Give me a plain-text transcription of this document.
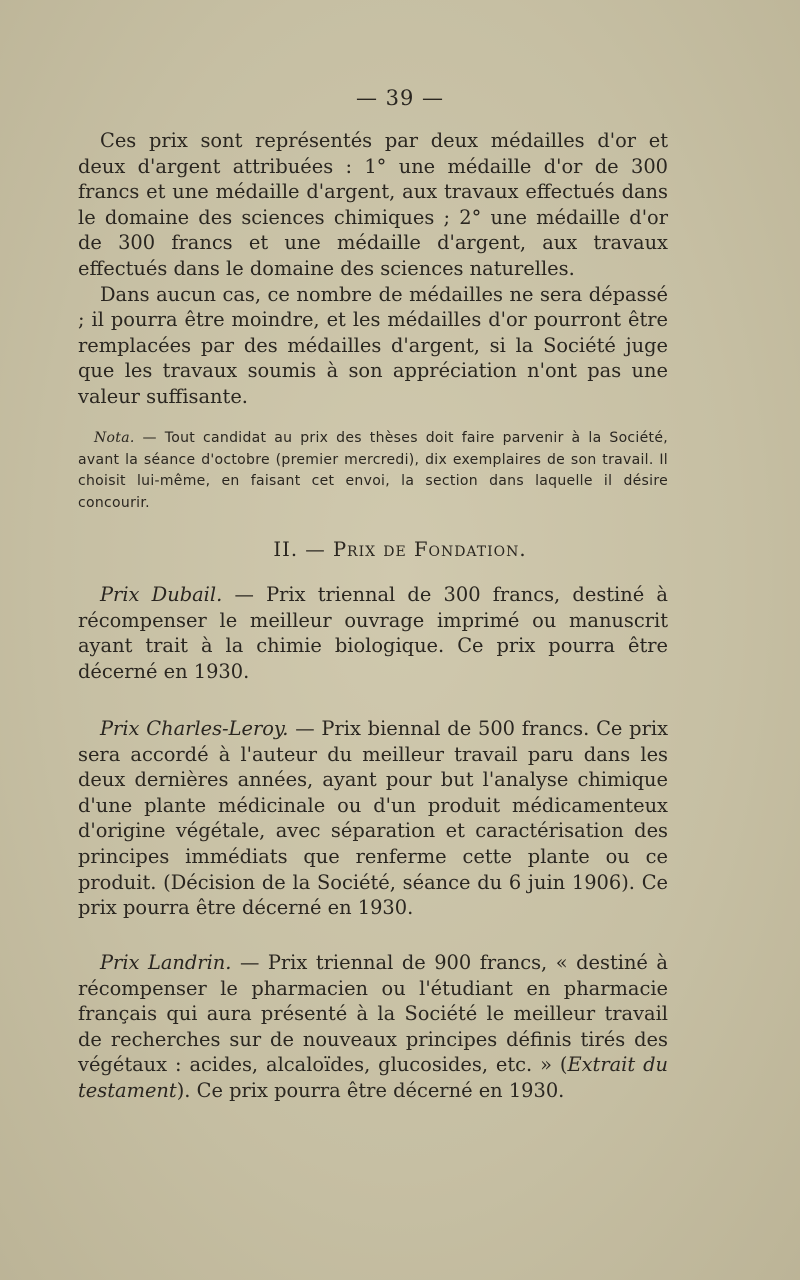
— 39 —

Ces prix sont représentés par deux médailles d'or et deux d'argent attribuées : 1° une médaille d'or de 300 francs et une médaille d'argent, aux travaux effectués dans le domaine des sciences chimiques ; 2° une médaille d'or de 300 francs et une médaille d'argent, aux travaux effectués dans le domaine des sciences naturelles.

Dans aucun cas, ce nombre de médailles ne sera dépassé ; il pourra être moindre, et les médailles d'or pourront être remplacées par des médailles d'argent, si la Société juge que les travaux soumis à son appréciation n'ont pas une valeur suffisante.

Nota. — Tout candidat au prix des thèses doit faire parvenir à la Société, avant la séance d'octobre (premier mercredi), dix exemplaires de son travail. Il choisit lui-même, en faisant cet envoi, la section dans laquelle il désire concourir.

II. — Prix de Fondation.

Prix Dubail. — Prix triennal de 300 francs, destiné à récompenser le meilleur ouvrage imprimé ou manuscrit ayant trait à la chimie biologique. Ce prix pourra être décerné en 1930.

Prix Charles-Leroy. — Prix biennal de 500 francs. Ce prix sera accordé à l'auteur du meilleur travail paru dans les deux dernières années, ayant pour but l'analyse chimique d'une plante médicinale ou d'un produit médicamenteux d'origine végétale, avec séparation et caractérisation des principes immédiats que renferme cette plante ou ce produit. (Décision de la Société, séance du 6 juin 1906). Ce prix pourra être décerné en 1930.

Prix Landrin. — Prix triennal de 900 francs, « destiné à récompenser le pharmacien ou l'étudiant en pharmacie français qui aura présenté à la Société le meilleur travail de recherches sur de nouveaux principes définis tirés des végétaux : acides, alcaloïdes, glucosides, etc. » (Extrait du testament). Ce prix pourra être décerné en 1930.
